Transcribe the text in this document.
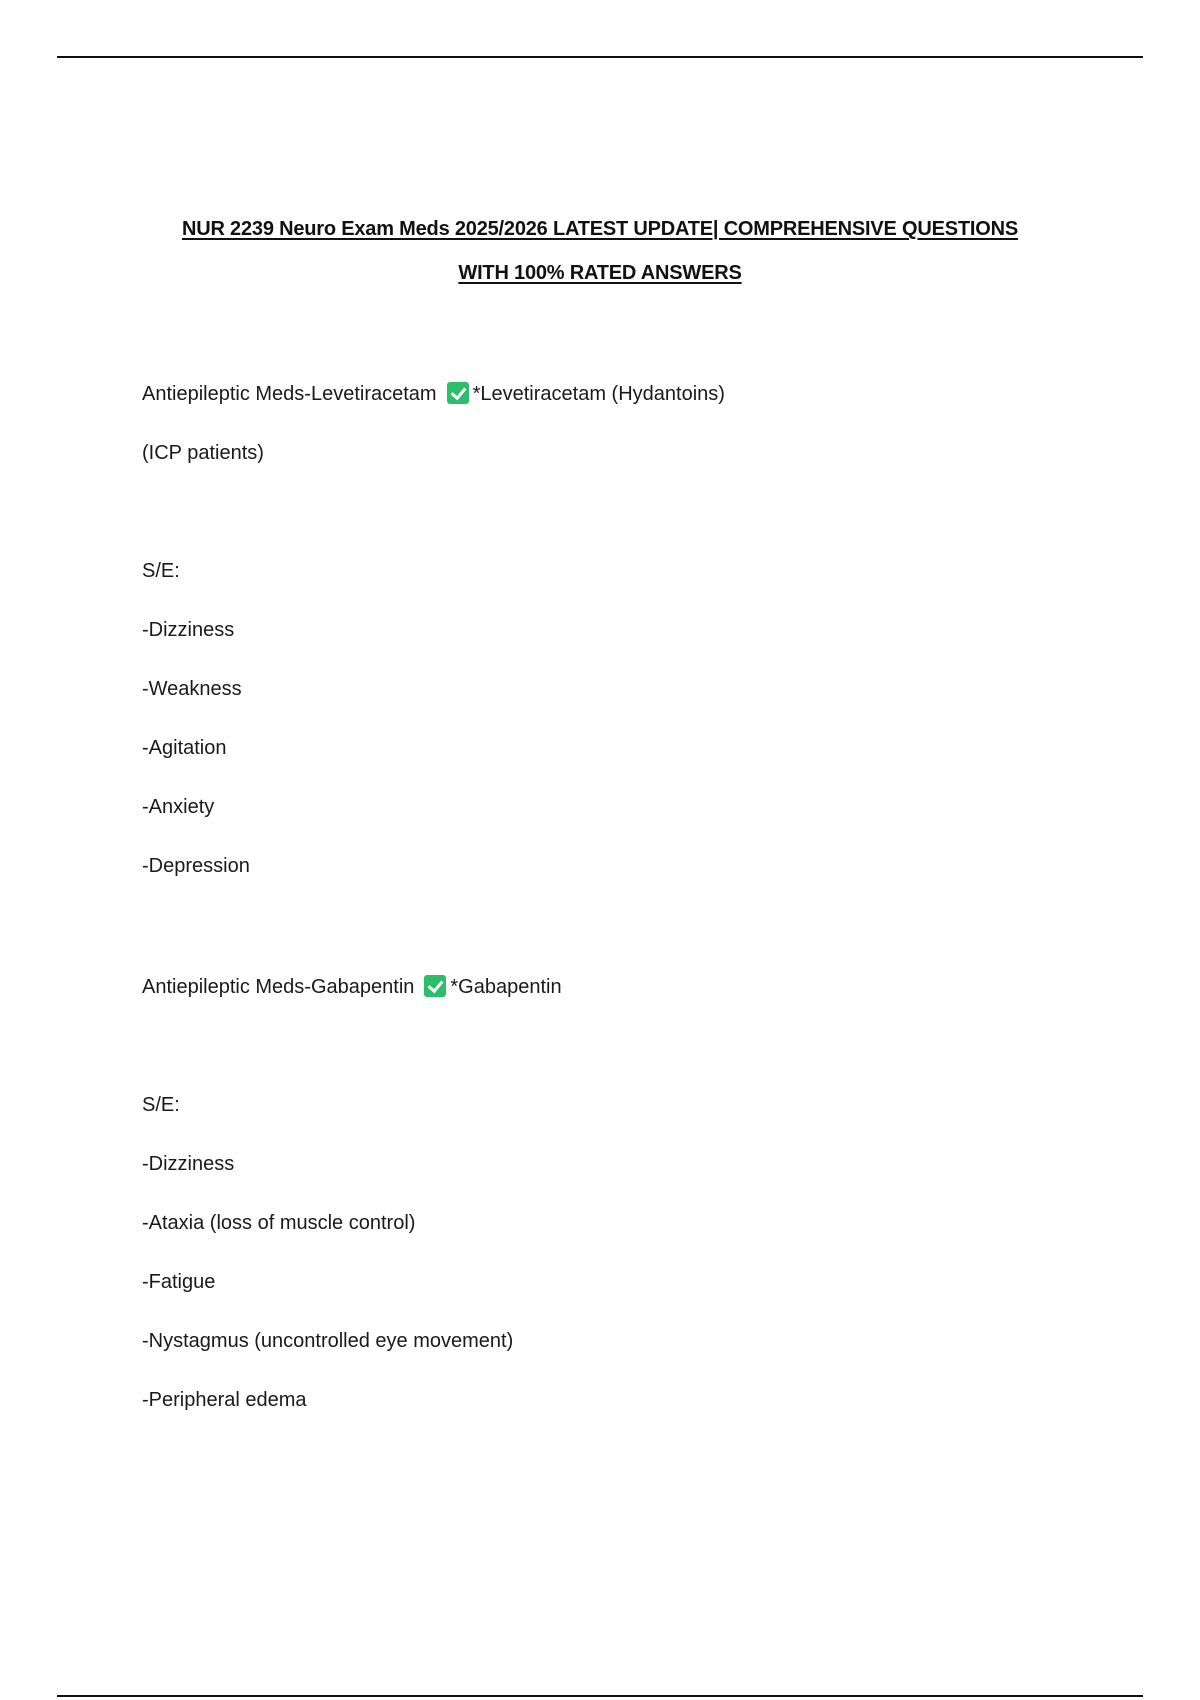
NUR 2239 Neuro Exam Meds 2025/2026 LATEST UPDATE| COMPREHENSIVE QUESTIONS
WITH 100% RATED ANSWERS
Antiepileptic Meds-Levetiracetam *Levetiracetam (Hydantoins)
(ICP patients)
S/E:
-Dizziness
-Weakness
-Agitation
-Anxiety
-Depression
Antiepileptic Meds-Gabapentin *Gabapentin
S/E:
-Dizziness
-Ataxia (loss of muscle control)
-Fatigue
-Nystagmus (uncontrolled eye movement)
-Peripheral edema
